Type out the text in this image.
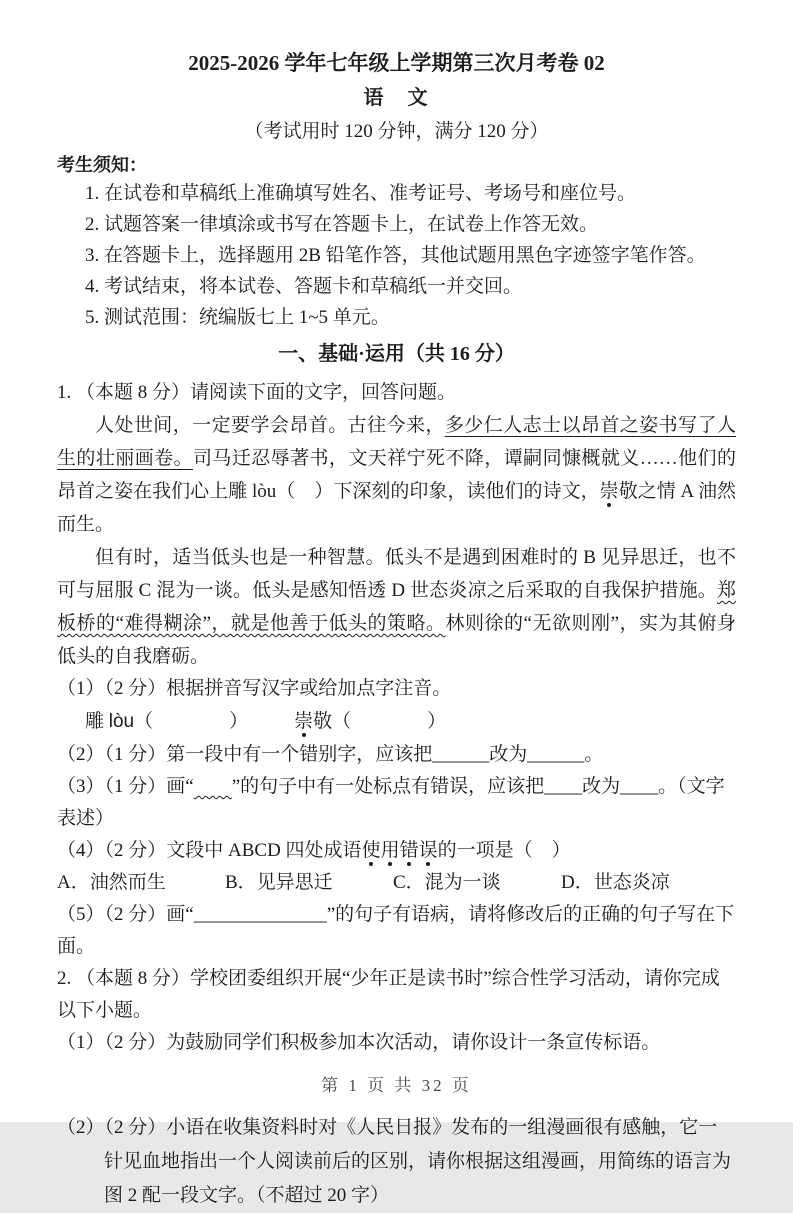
2025-2026 学年七年级上学期第三次月考卷 02
语　文
（考试用时 120 分钟，满分 120 分）
考生须知：
1. 在试卷和草稿纸上准确填写姓名、准考证号、考场号和座位号。
2. 试题答案一律填涂或书写在答题卡上，在试卷上作答无效。
3. 在答题卡上，选择题用 2B 铅笔作答，其他试题用黑色字迹签字笔作答。
4. 考试结束，将本试卷、答题卡和草稿纸一并交回。
5. 测试范围：统编版七上 1~5 单元。
一、基础·运用（共 16 分）
1. （本题 8 分）请阅读下面的文字，回答问题。

人处世间，一定要学会昂首。古往今来，多少仁人志士以昂首之姿书写了人生的壮丽画卷。司马迁忍辱著书，文天祥宁死不降，谭嗣同慷概就义……他们的昂首之姿在我们心上雕 lòu（　）下深刻的印象，读他们的诗文，崇敬之情 A 油然而生。

但有时，适当低头也是一种智慧。低头不是遇到困难时的 B 见异思迁，也不可与屈服 C 混为一谈。低头是感知悟透 D 世态炎凉之后采取的自我保护措施。郑板桥的“难得糊涂”，就是他善于低头的策略。林则徐的“无欲则刚”，实为其俯身低头的自我磨砺。

（1）（2 分）根据拼音写汉字或给加点字注音。
雕 lòu（　　　　） 崇敬（　　　　）
（2）（1 分）第一段中有一个错别字，应该把______改为______。
（3）（1 分）画“ ”的句子中有一处标点有错误，应该把____改为____。（文字表述）
（4）（2 分）文段中 ABCD 四处成语使用错误的一项是（　）
A．油然而生	B．见异思迁	C．混为一谈	D．世态炎凉
（5）（2 分）画“______________”的句子有语病，请将修改后的正确的句子写在下面。
2. （本题 8 分）学校团委组织开展“少年正是读书时”综合性学习活动，请你完成以下小题。
（1）（2 分）为鼓励同学们积极参加本次活动，请你设计一条宣传标语。
（2）（2 分）小语在收集资料时对《人民日报》发布的一组漫画很有感触，它一针见血地指出一个人阅读前后的区别，请你根据这组漫画，用简练的语言为图 2 配一段文字。（不超过 20 字）
第 1 页 共 32 页
